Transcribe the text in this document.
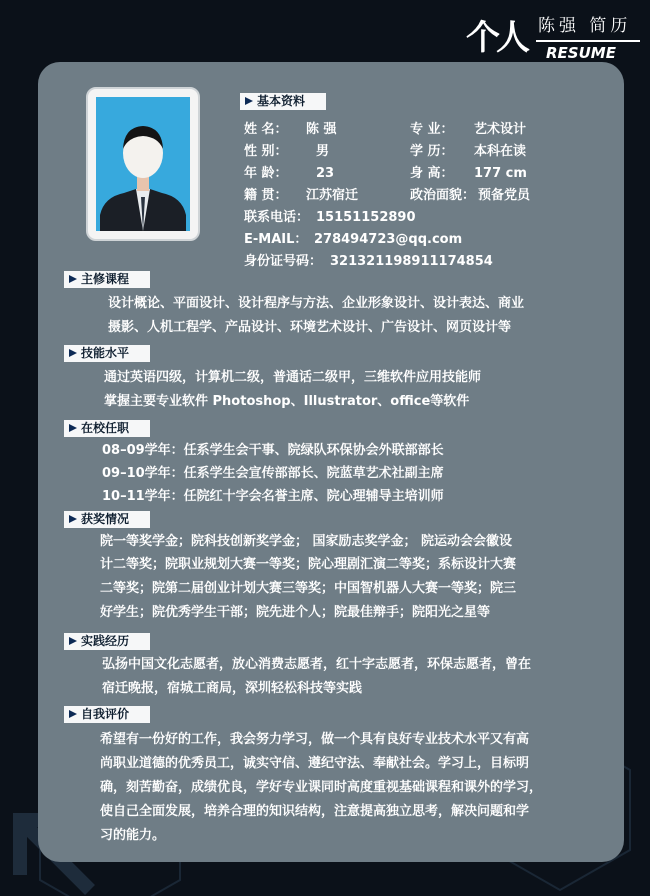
个人 陈强 简历
RESUME
基本资料
姓 名： 陈 强	专 业： 艺术设计
性 别： 男	学 历： 本科在读
年 龄： 23	身 高： 177 cm
籍 贯： 江苏宿迁	政治面貌： 预备党员
联系电话： 15151152890
E-MAIL： 278494723@qq.com
身份证号码： 321321198911174854
主修课程
设计概论、平面设计、设计程序与方法、企业形象设计、设计表达、商业
摄影、人机工程学、产品设计、环境艺术设计、广告设计、网页设计等
技能水平
通过英语四级，计算机二级，普通话二级甲，三维软件应用技能师
掌握主要专业软件 Photoshop、Illustrator、office等软件
在校任职
08–09学年：任系学生会干事、院绿队环保协会外联部部长
09–10学年：任系学生会宣传部部长、院蓝草艺术社副主席
10–11学年：任院红十字会名誉主席、院心理辅导主培训师
获奖情况
院一等奖学金；院科技创新奖学金； 国家励志奖学金； 院运动会会徽设
计二等奖；院职业规划大赛一等奖；院心理剧汇演二等奖；系标设计大赛
二等奖；院第二届创业计划大赛三等奖；中国智机器人大赛一等奖；院三
好学生；院优秀学生干部；院先进个人；院最佳辩手；院阳光之星等
实践经历
弘扬中国文化志愿者，放心消费志愿者，红十字志愿者，环保志愿者，曾在
宿迁晚报，宿城工商局，深圳轻松科技等实践
自我评价
希望有一份好的工作，我会努力学习，做一个具有良好专业技术水平又有高
尚职业道德的优秀员工，诚实守信、遵纪守法、奉献社会。学习上，目标明
确，刻苦勤奋，成绩优良，学好专业课同时高度重视基础课程和课外的学习，
使自己全面发展，培养合理的知识结构，注意提高独立思考，解决问题和学
习的能力。
